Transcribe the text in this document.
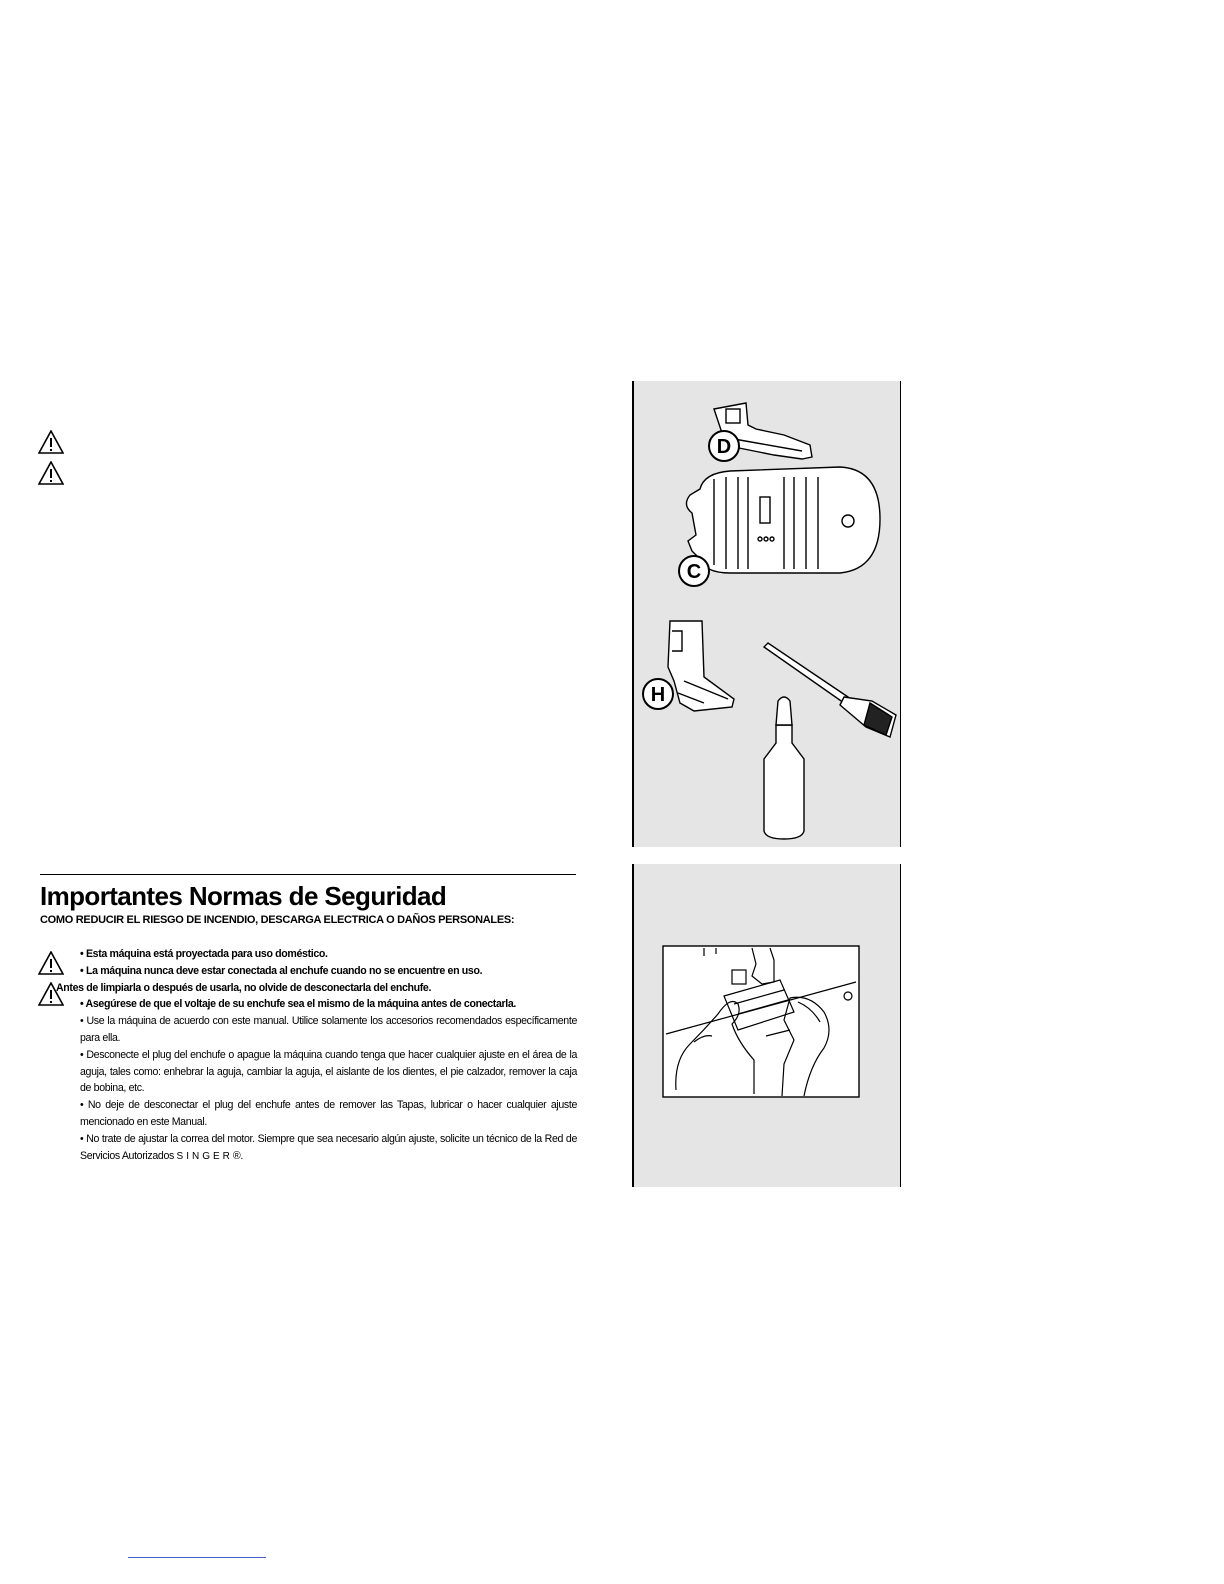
D
C
H
Importantes Normas de Seguridad
COMO REDUCIR EL RIESGO DE INCENDIO, DESCARGA ELECTRICA O DAÑOS PERSONALES:

• Esta máquina está proyectada para uso doméstico.

• La máquina nunca deve estar conectada al enchufe cuando no se encuentre en uso.

Antes de limpiarla o después de usarla, no olvide de desconectarla del enchufe.

• Asegúrese de que el voltaje de su enchufe sea el mismo de la máquina antes de conectarla.

• Use la máquina de acuerdo con este manual. Utilice solamente los accesorios recomendados específicamente para ella.

• Desconecte el plug del enchufe o apague la máquina cuando tenga que hacer cualquier ajuste en el área de la aguja, tales como: enhebrar la aguja, cambiar la aguja, el aislante de los dientes, el pie calzador, remover la caja de bobina, etc.

• No deje de desconectar el plug del enchufe antes de remover las Tapas, lubricar o hacer cualquier ajuste mencionado en este Manual.

• No trate de ajustar la correa del motor. Siempre que sea necesario algún ajuste, solicite un técnico de la Red de Servicios Autorizados SINGER®.
